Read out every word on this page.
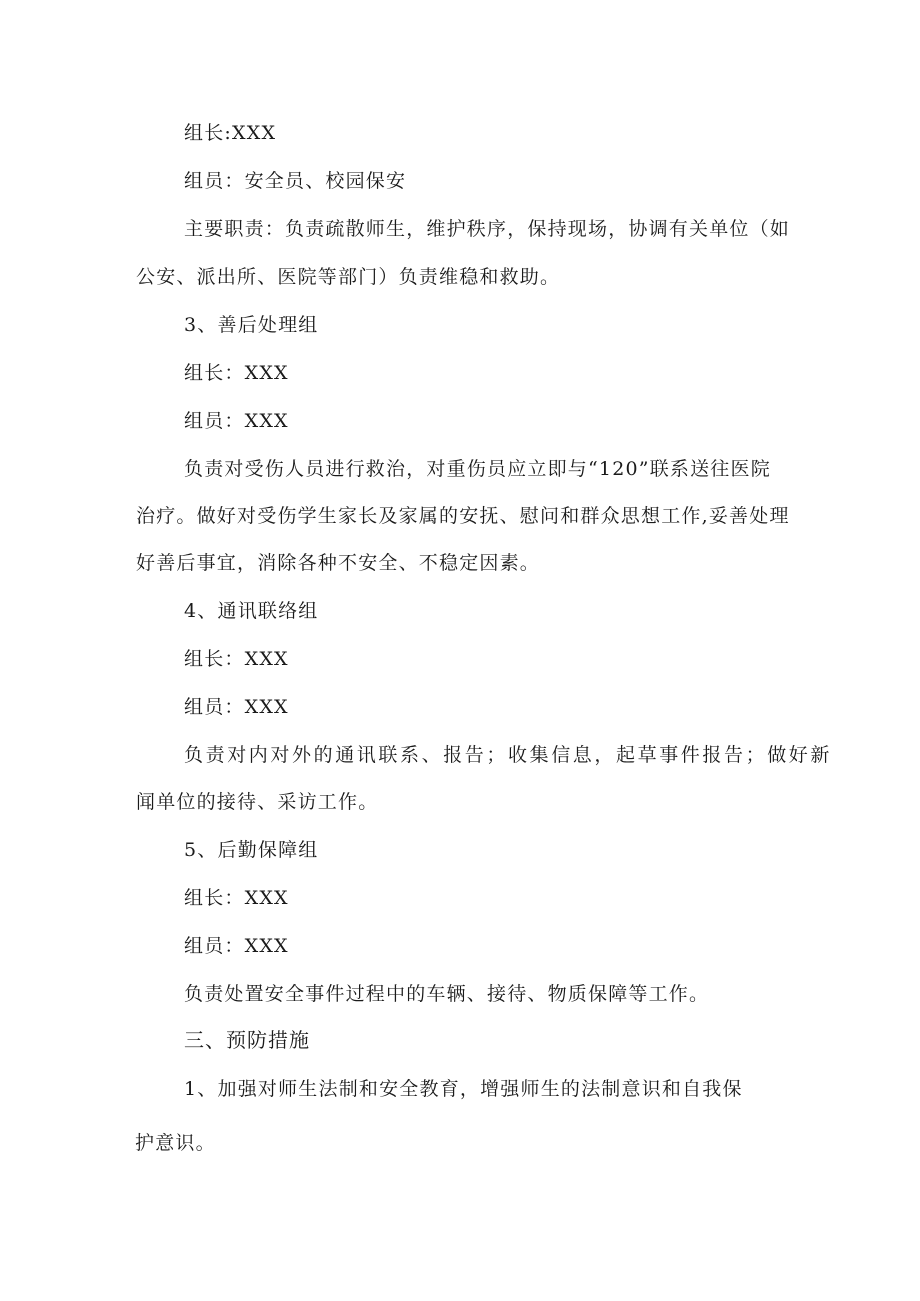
组长:XXX
组员：安全员、校园保安
主要职责：负责疏散师生，维护秩序，保持现场，协调有关单位（如
公安、派出所、医院等部门）负责维稳和救助。
3、善后处理组
组长：XXX
组员：XXX
负责对受伤人员进行救治，对重伤员应立即与“120”联系送往医院
治疗。做好对受伤学生家长及家属的安抚、慰问和群众思想工作,妥善处理
好善后事宜，消除各种不安全、不稳定因素。
4、通讯联络组
组长：XXX
组员：XXX
负责对内对外的通讯联系、报告；收集信息，起草事件报告；做好新
闻单位的接待、采访工作。
5、后勤保障组
组长：XXX
组员：XXX
负责处置安全事件过程中的车辆、接待、物质保障等工作。
三、预防措施
1、加强对师生法制和安全教育，增强师生的法制意识和自我保
护意识。
